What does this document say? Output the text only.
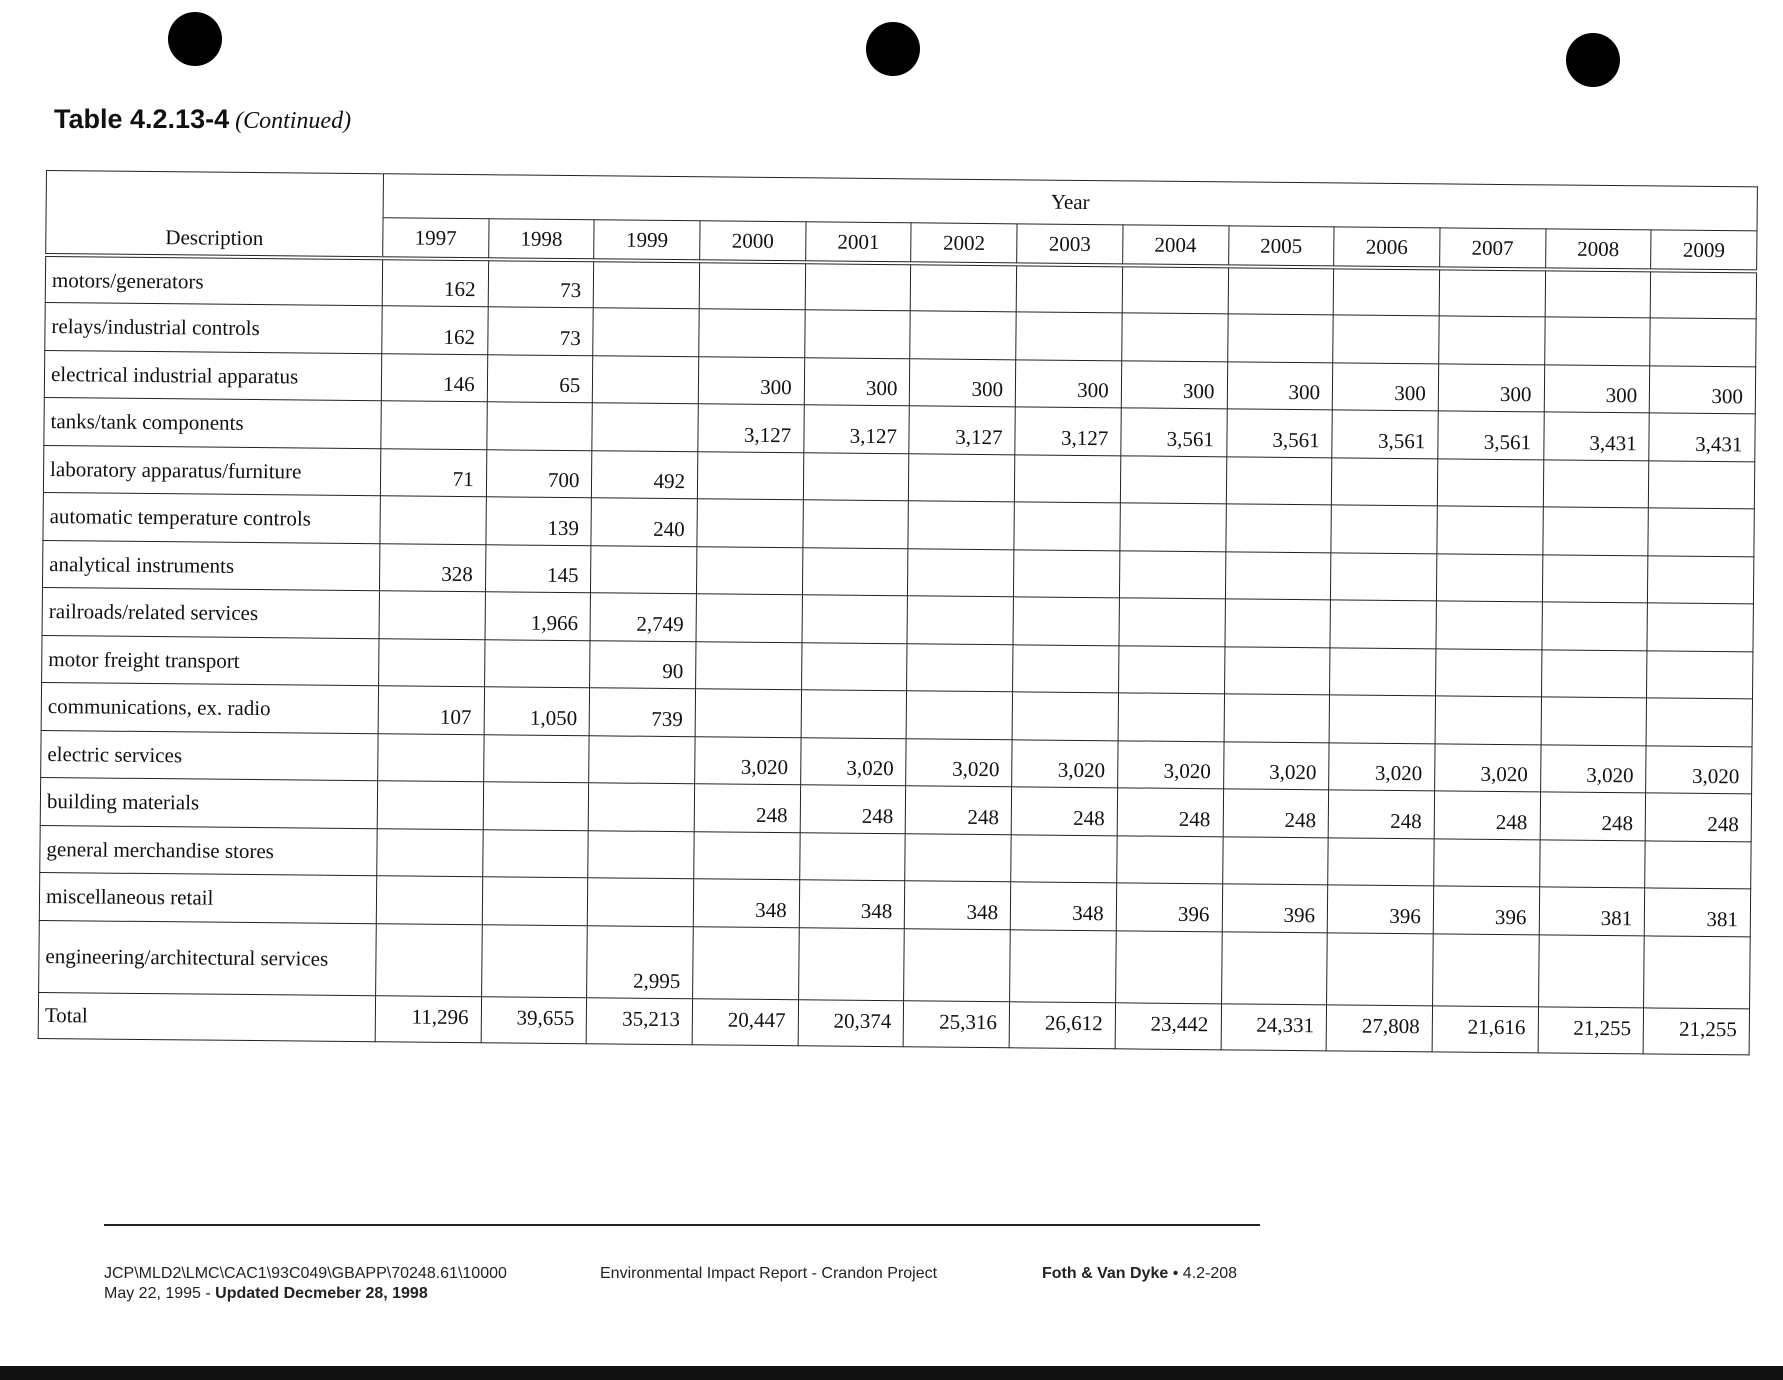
Table 4.2.13-4 (Continued)
Description	Year												
	1997	1998	1999	2000	2001	2002	2003	2004	2005	2006	2007	2008	2009
motors/generators	162	73											
relays/industrial controls	162	73											
electrical industrial apparatus	146	65		300	300	300	300	300	300	300	300	300	300
tanks/tank components				3,127	3,127	3,127	3,127	3,561	3,561	3,561	3,561	3,431	3,431
laboratory apparatus/furniture	71	700	492										
automatic temperature controls		139	240										
analytical instruments	328	145											
railroads/related services		1,966	2,749										
motor freight transport			90										
communications, ex. radio	107	1,050	739										
electric services				3,020	3,020	3,020	3,020	3,020	3,020	3,020	3,020	3,020	3,020
building materials				248	248	248	248	248	248	248	248	248	248
general merchandise stores													
miscellaneous retail				348	348	348	348	396	396	396	396	381	381
engineering/architectural services			2,995										
Total	11,296	39,655	35,213	20,447	20,374	25,316	26,612	23,442	24,331	27,808	21,616	21,255	21,255
JCP\MLD2\LMC\CAC1\93C049\GBAPP\70248.61\10000
May 22, 1995 - Updated Decmeber 28, 1998
Environmental Impact Report - Crandon Project	Foth & Van Dyke • 4.2-208
